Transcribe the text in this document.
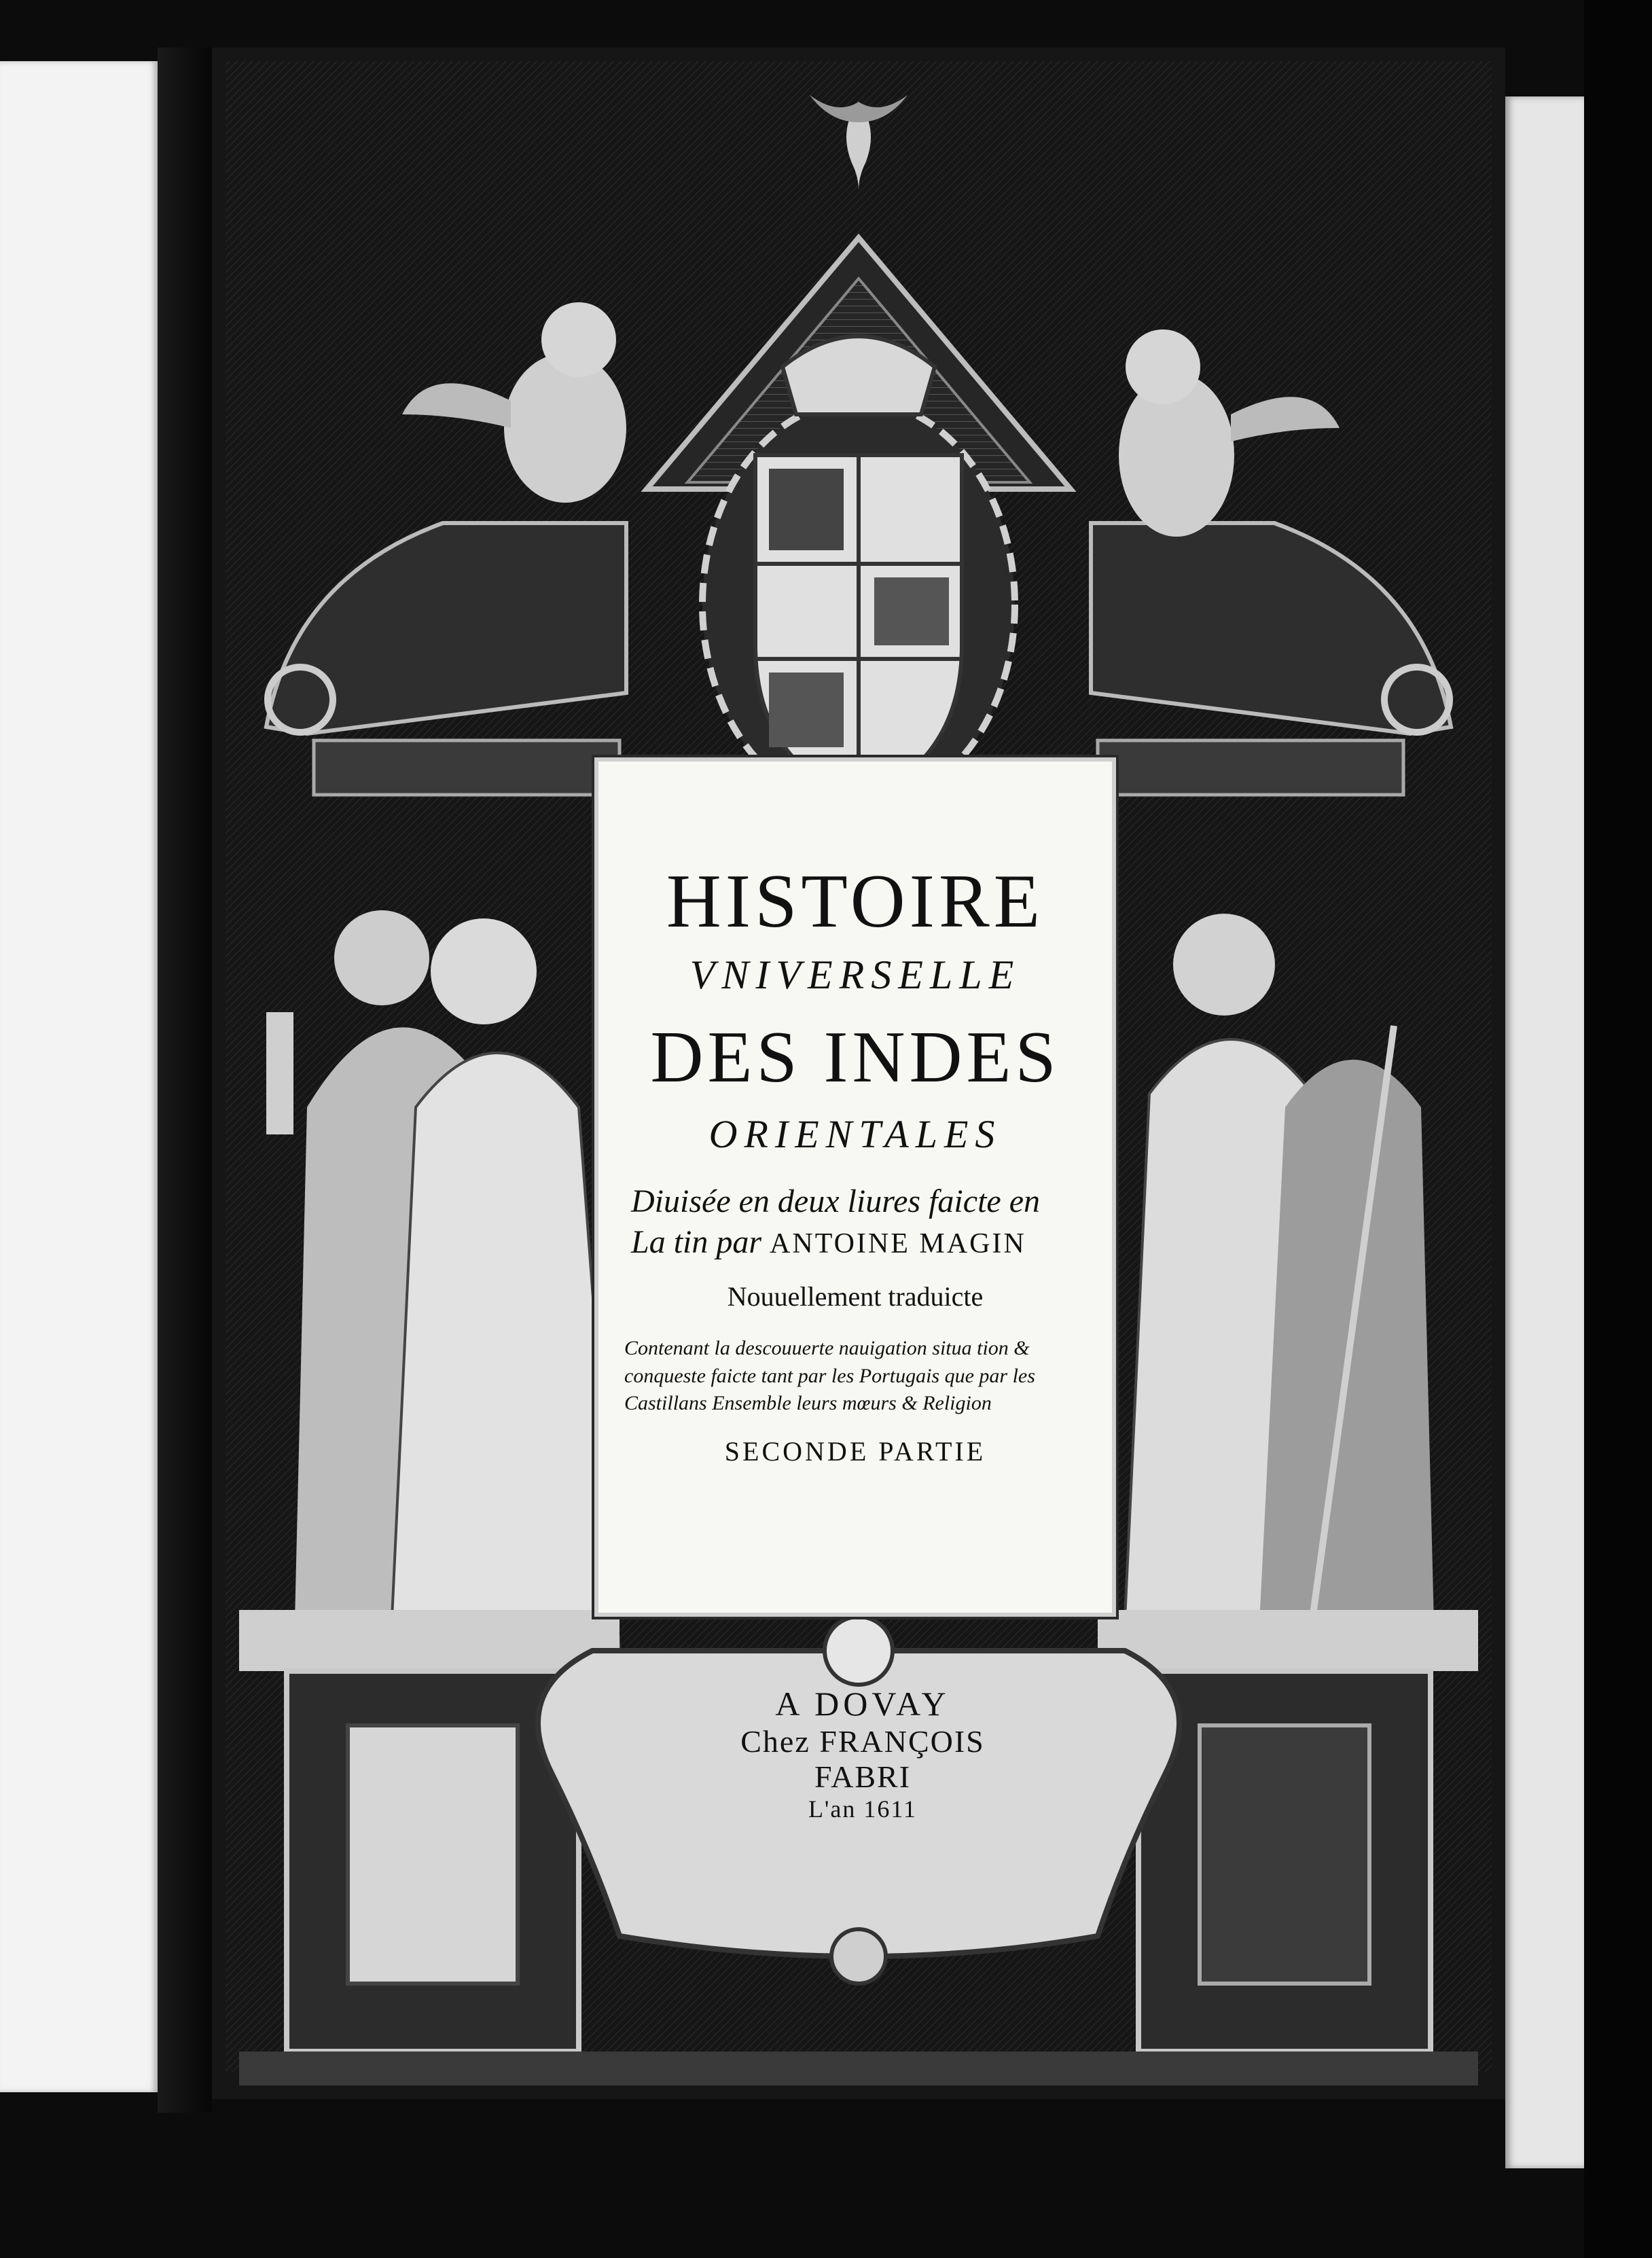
HISTOIRE
VNIVERSELLE
DES INDES
ORIENTALES
Diuisée en deux liures faicte en La tin par ANTOINE MAGIN
Nouuellement traduicte
Contenant la descouuerte nauigation situa tion & conqueste faicte tant par les Portugais que par les Castillans Ensemble leurs mœurs & Religion
SECONDE PARTIE
A DOVAY
Chez FRANÇOIS FABRI
L'an 1611
